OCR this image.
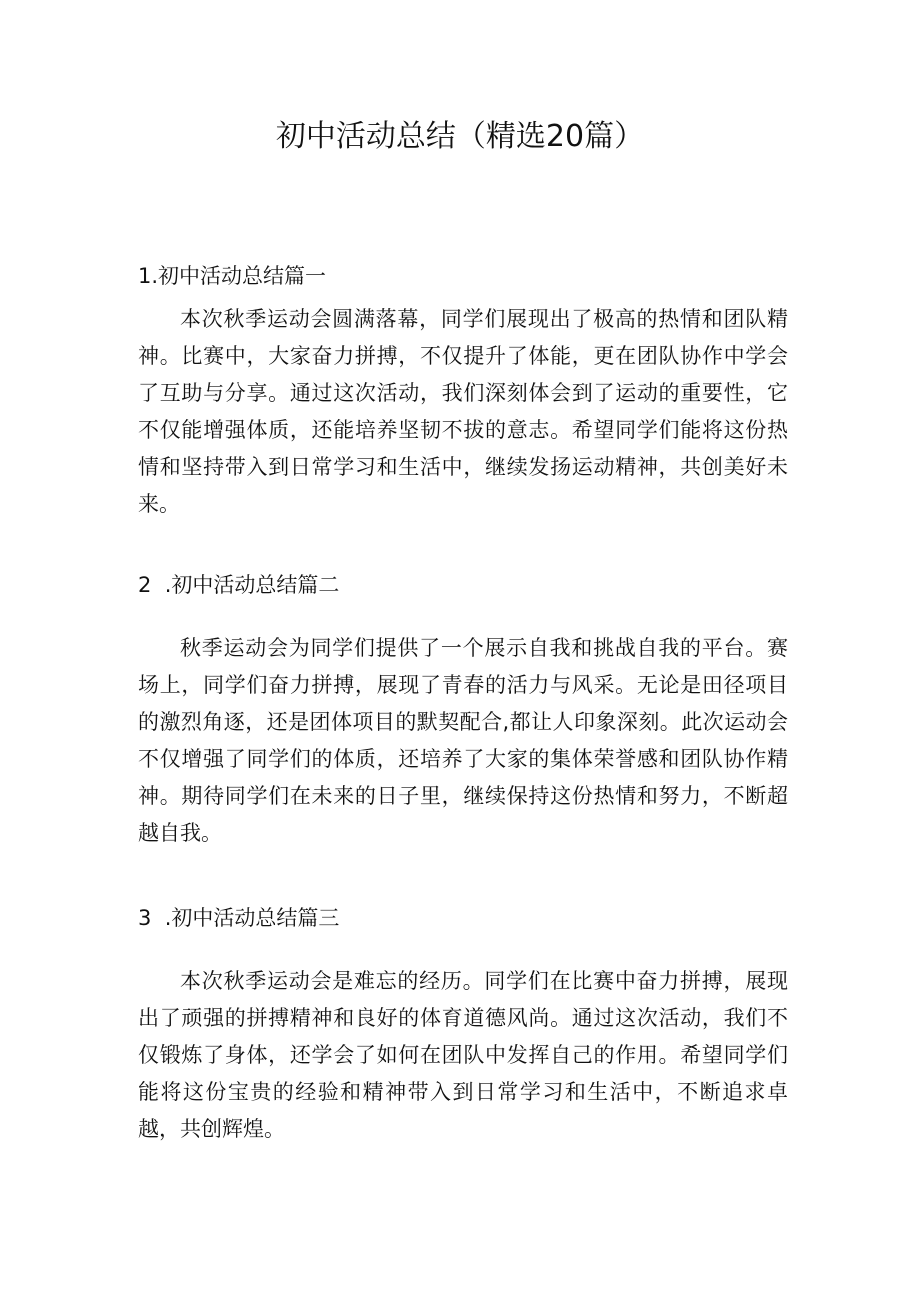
初中活动总结（精选20篇）

1.初中活动总结篇一

本次秋季运动会圆满落幕，同学们展现出了极高的热情和团队精神。比赛中，大家奋力拼搏，不仅提升了体能，更在团队协作中学会了互助与分享。通过这次活动，我们深刻体会到了运动的重要性，它不仅能增强体质，还能培养坚韧不拔的意志。希望同学们能将这份热情和坚持带入到日常学习和生活中，继续发扬运动精神，共创美好未来。

2  .初中活动总结篇二

秋季运动会为同学们提供了一个展示自我和挑战自我的平台。赛场上，同学们奋力拼搏，展现了青春的活力与风采。无论是田径项目的激烈角逐，还是团体项目的默契配合,都让人印象深刻。此次运动会不仅增强了同学们的体质，还培养了大家的集体荣誉感和团队协作精神。期待同学们在未来的日子里，继续保持这份热情和努力，不断超越自我。

3  .初中活动总结篇三

本次秋季运动会是难忘的经历。同学们在比赛中奋力拼搏，展现出了顽强的拼搏精神和良好的体育道德风尚。通过这次活动，我们不仅锻炼了身体，还学会了如何在团队中发挥自己的作用。希望同学们能将这份宝贵的经验和精神带入到日常学习和生活中，不断追求卓越，共创辉煌。
